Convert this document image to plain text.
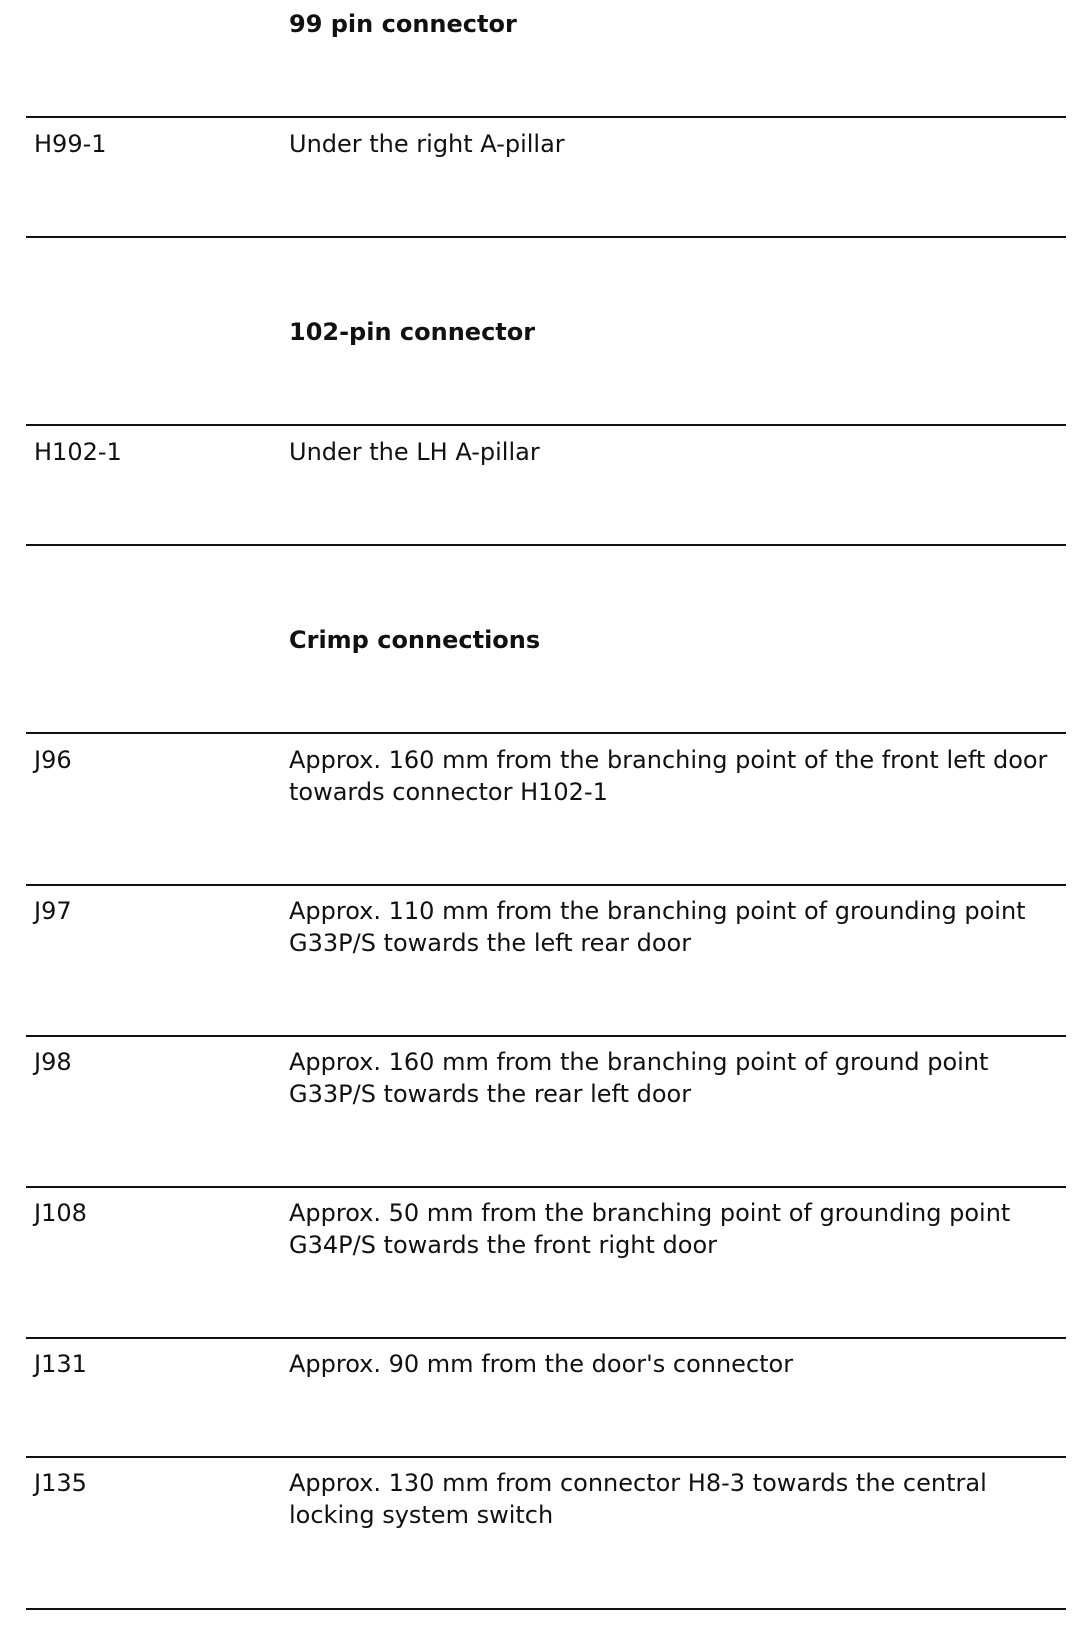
99 pin connector
H99-1	Under the right A-pillar
102-pin connector
H102-1	Under the LH A-pillar
Crimp connections
J96	Approx. 160 mm from the branching point of the front left door towards connector H102-1
J97	Approx. 110 mm from the branching point of grounding point G33P/S towards the left rear door
J98	Approx. 160 mm from the branching point of ground point G33P/S towards the rear left door
J108	Approx. 50 mm from the branching point of grounding point G34P/S towards the front right door
J131	Approx. 90 mm from the door's connector
J135	Approx. 130 mm from connector H8-3 towards the central locking system switch
